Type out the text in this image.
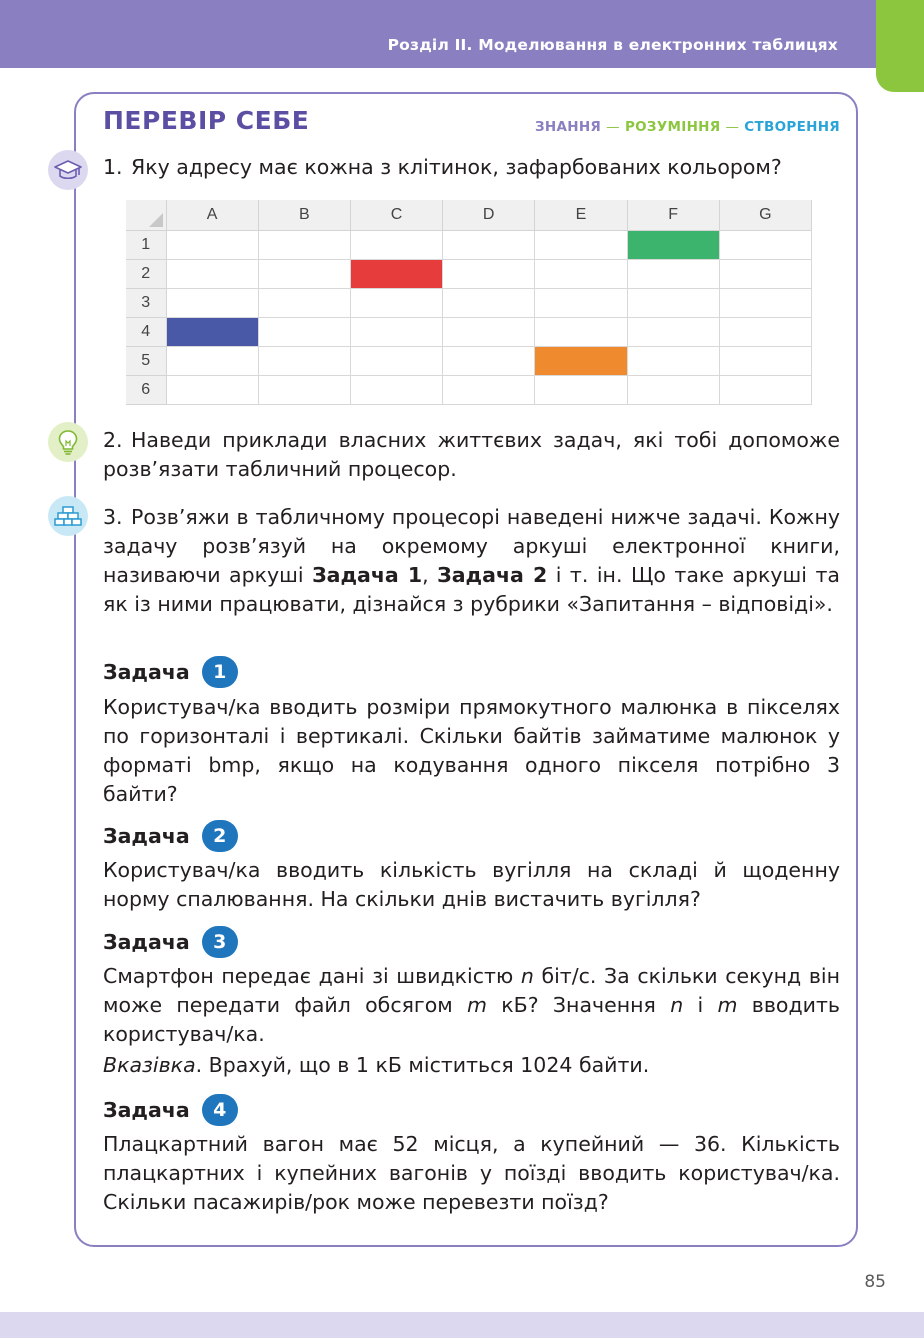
Розділ ІІ. Моделювання в електронних таблицях
ПЕРЕВІР СЕБЕ	ЗНАННЯ — РОЗУМІННЯ — СТВОРЕННЯ
1. Яку адресу має кожна з клітинок, зафарбованих кольором?
	A	B	C	D	E	F	G
1							
2							
3							
4							
5							
6							
2. Наведи приклади власних життєвих задач, які тобі допоможе розв’язати табличний процесор.
3. Розв’яжи в табличному процесорі наведені нижче задачі. Кожну задачу розв’язуй на окремому аркуші електронної книги, називаючи аркуші Задача 1, Задача 2 і т. ін. Що таке аркуші та як із ними працювати, дізнайся з рубрики «Запитання – відповіді».
Задача	1
Користувач/ка вводить розміри прямокутного малюнка в пікселях по горизонталі і вертикалі. Скільки байтів займатиме малюнок у форматі bmp, якщо на кодування одного пікселя потрібно 3 байти?
Задача	2
Користувач/ка вводить кількість вугілля на складі й щоденну норму спалювання. На скільки днів вистачить вугілля?
Задача	3
Смартфон передає дані зі швидкістю n біт/с. За скільки секунд він може передати файл обсягом m кБ? Значення n і m вводить користувач/ка.
Вказівка. Врахуй, що в 1 кБ міститься 1024 байти.
Задача	4
Плацкартний вагон має 52 місця, а купейний — 36. Кількість плацкартних і купейних вагонів у поїзді вводить користувач/ка. Скільки пасажирів/рок може перевезти поїзд?
85
